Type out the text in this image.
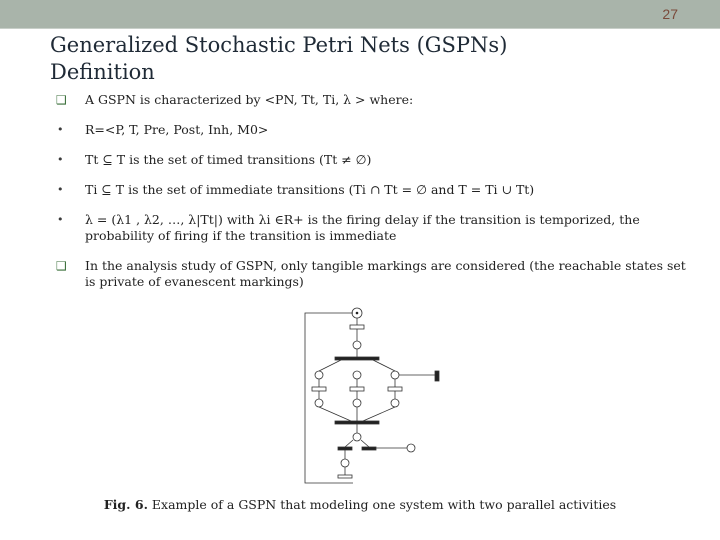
27
Generalized Stochastic Petri Nets (GSPNs)
Definition
❑ A GSPN is characterized by <PN, Tt, Ti, λ > where:
•	R=<P, T, Pre, Post, Inh, M0>
•	Tt ⊆ T is the set of timed transitions (Tt ≠ ∅)
•	Ti ⊆ T is the set of immediate transitions (Ti ∩ Tt = ∅ and T = Ti ∪ Tt)
•	λ = (λ1 , λ2, …, λ|Tt|) with λi ∈R+ is the firing delay if the transition is temporized, the probability of firing if the transition is immediate
❑ In the analysis study of GSPN, only tangible markings are considered (the reachable states set is private of evanescent markings)
Fig. 6. Example of a GSPN that modeling one system with two parallel activities
